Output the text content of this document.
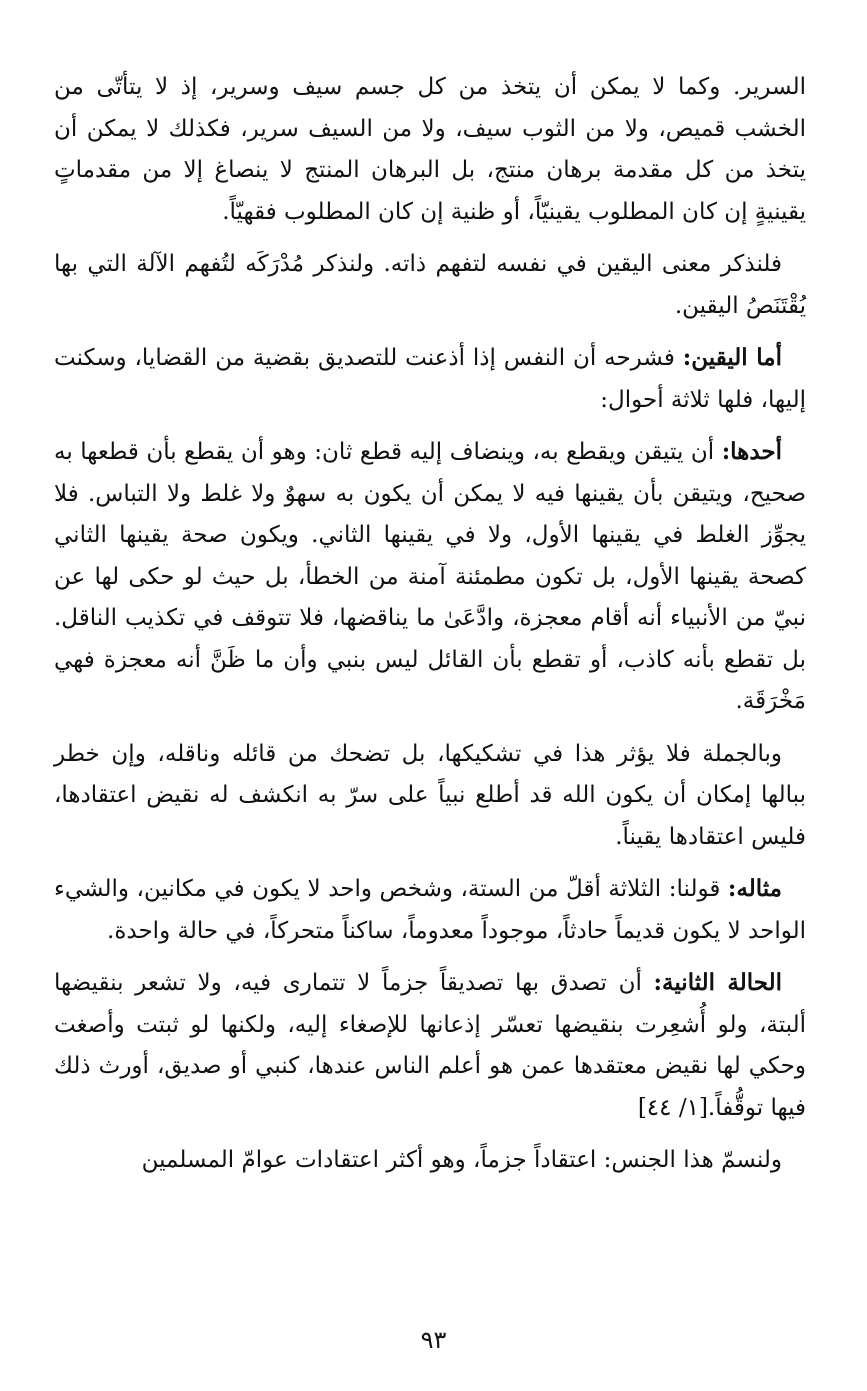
السرير. وكما لا يمكن أن يتخذ من كل جسم سيف وسرير، إذ لا يتأتّى من الخشب قميص، ولا من الثوب سيف، ولا من السيف سرير، فكذلك لا يمكن أن يتخذ من كل مقدمة برهان منتج، بل البرهان المنتج لا ينصاغ إلا من مقدماتٍ يقينيةٍ إن كان المطلوب يقينيّاً، أو ظنية إن كان المطلوب فقهيّاً.

فلنذكر معنى اليقين في نفسه لتفهم ذاته. ولنذكر مُدْرَكَه لتُفهم الآلة التي بها يُقْتَنَصُ اليقين.

أما اليقين: فشرحه أن النفس إذا أذعنت للتصديق بقضية من القضايا، وسكنت إليها، فلها ثلاثة أحوال:

أحدها: أن يتيقن ويقطع به، وينضاف إليه قطع ثان: وهو أن يقطع بأن قطعها به صحيح، ويتيقن بأن يقينها فيه لا يمكن أن يكون به سهوٌ ولا غلط ولا التباس. فلا يجوِّز الغلط في يقينها الأول، ولا في يقينها الثاني. ويكون صحة يقينها الثاني كصحة يقينها الأول، بل تكون مطمئنة آمنة من الخطأ، بل حيث لو حكى لها عن نبيّ من الأنبياء أنه أقام معجزة، وادَّعَىٰ ما يناقضها، فلا تتوقف في تكذيب الناقل. بل تقطع بأنه كاذب، أو تقطع بأن القائل ليس بنبي وأن ما ظَنَّ أنه معجزة فهي مَخْرَقَة.

وبالجملة فلا يؤثر هذا في تشكيكها، بل تضحك من قائله وناقله، وإن خطر ببالها إمكان أن يكون الله قد أطلع نبياً على سرّ به انكشف له نقيض اعتقادها، فليس اعتقادها يقيناً.

مثاله: قولنا: الثلاثة أقلّ من الستة، وشخص واحد لا يكون في مكانين، والشيء الواحد لا يكون قديماً حادثاً، موجوداً معدوماً، ساكناً متحركاً، في حالة واحدة.

الحالة الثانية: أن تصدق بها تصديقاً جزماً لا تتمارى فيه، ولا تشعر بنقيضها ألبتة، ولو أُشعِرت بنقيضها تعسّر إذعانها للإصغاء إليه، ولكنها لو ثبتت وأصغت وحكي لها نقيض معتقدها عمن هو أعلم الناس عندها، كنبي أو صديق، أورث ذلك فيها توقُّفاً.[١/ ٤٤]

ولنسمّ هذا الجنس: اعتقاداً جزماً، وهو أكثر اعتقادات عوامّ المسلمين

٩٣
